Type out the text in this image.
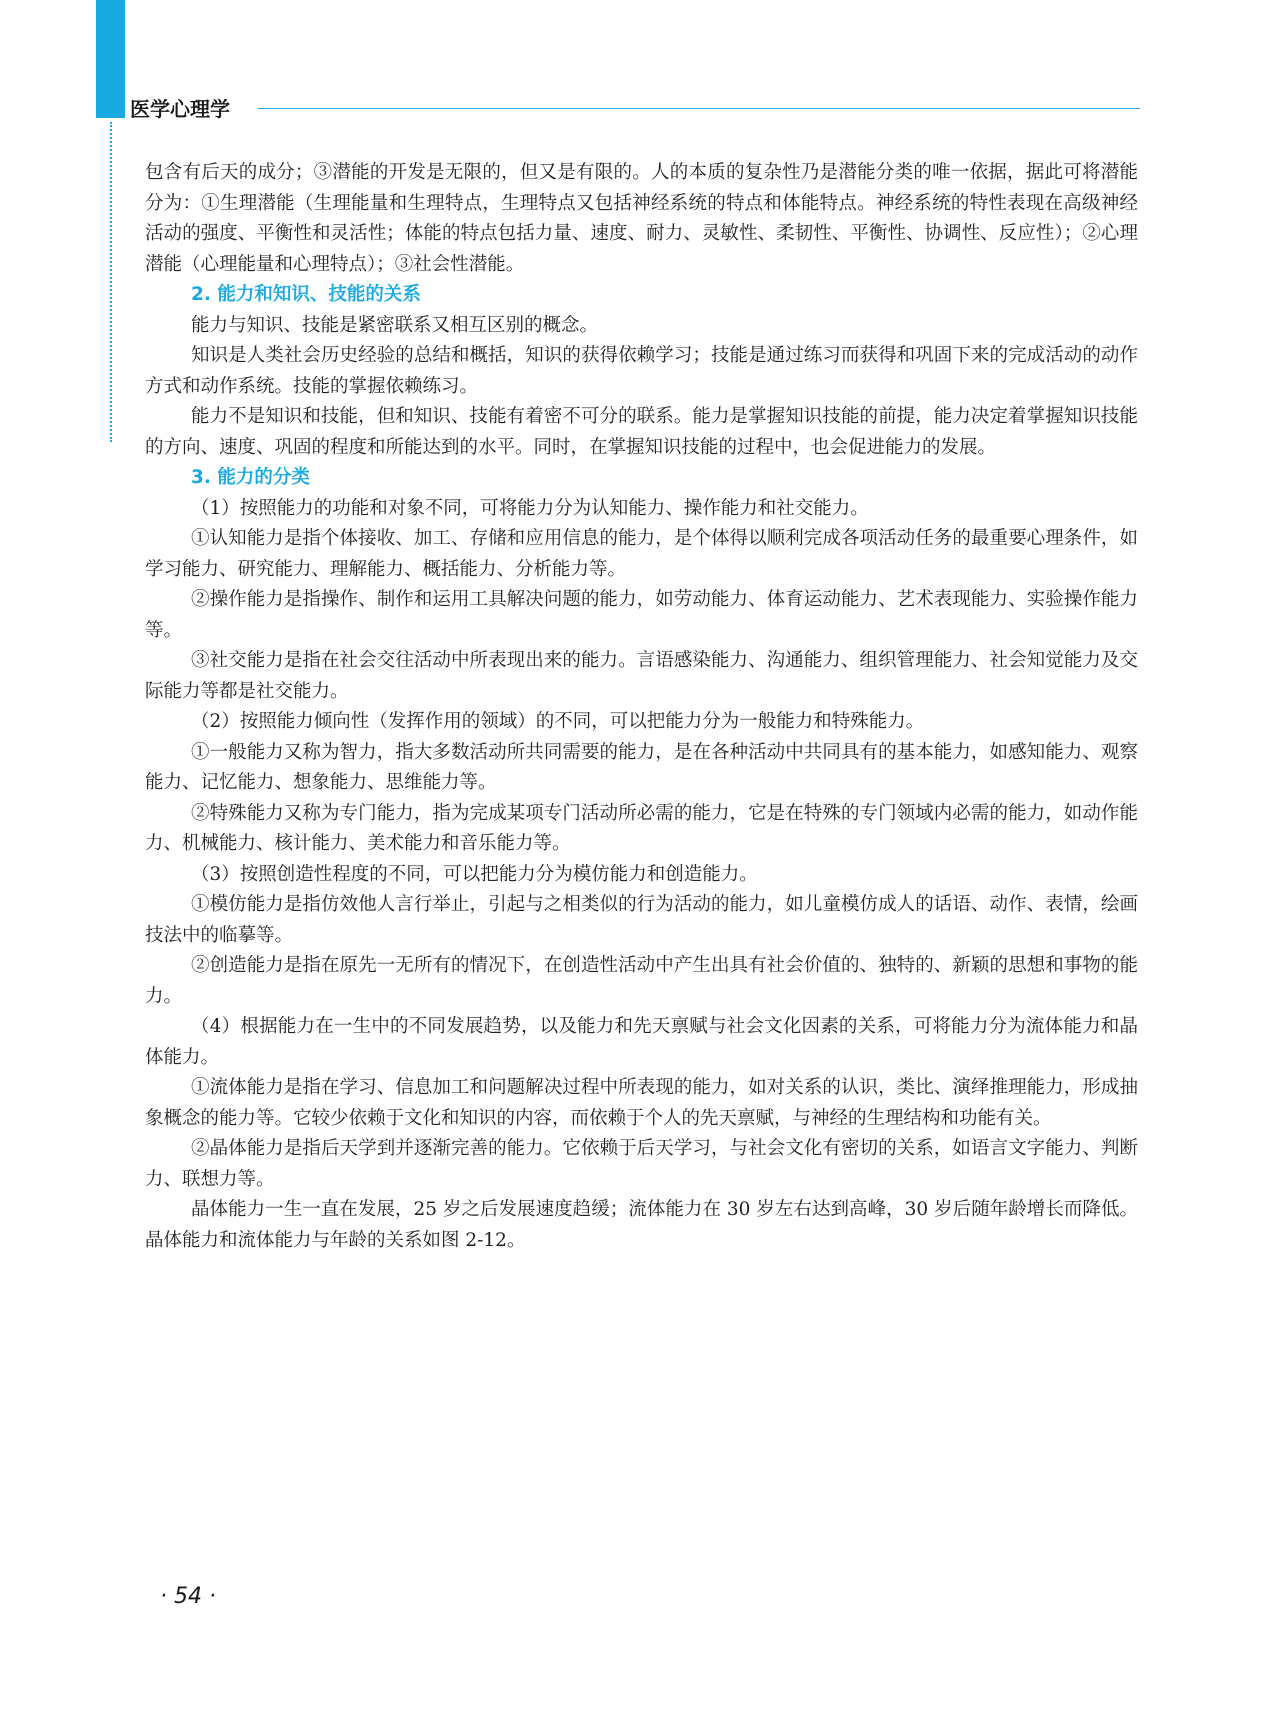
医学心理学

包含有后天的成分；③潜能的开发是无限的，但又是有限的。人的本质的复杂性乃是潜能分类的唯一依据，据此可将潜能分为：①生理潜能（生理能量和生理特点，生理特点又包括神经系统的特点和体能特点。神经系统的特性表现在高级神经活动的强度、平衡性和灵活性；体能的特点包括力量、速度、耐力、灵敏性、柔韧性、平衡性、协调性、反应性）；②心理潜能（心理能量和心理特点）；③社会性潜能。

2. 能力和知识、技能的关系

能力与知识、技能是紧密联系又相互区别的概念。

知识是人类社会历史经验的总结和概括，知识的获得依赖学习；技能是通过练习而获得和巩固下来的完成活动的动作方式和动作系统。技能的掌握依赖练习。

能力不是知识和技能，但和知识、技能有着密不可分的联系。能力是掌握知识技能的前提，能力决定着掌握知识技能的方向、速度、巩固的程度和所能达到的水平。同时，在掌握知识技能的过程中，也会促进能力的发展。

3. 能力的分类

（1）按照能力的功能和对象不同，可将能力分为认知能力、操作能力和社交能力。

①认知能力是指个体接收、加工、存储和应用信息的能力，是个体得以顺利完成各项活动任务的最重要心理条件，如学习能力、研究能力、理解能力、概括能力、分析能力等。

②操作能力是指操作、制作和运用工具解决问题的能力，如劳动能力、体育运动能力、艺术表现能力、实验操作能力等。

③社交能力是指在社会交往活动中所表现出来的能力。言语感染能力、沟通能力、组织管理能力、社会知觉能力及交际能力等都是社交能力。

（2）按照能力倾向性（发挥作用的领域）的不同，可以把能力分为一般能力和特殊能力。

①一般能力又称为智力，指大多数活动所共同需要的能力，是在各种活动中共同具有的基本能力，如感知能力、观察能力、记忆能力、想象能力、思维能力等。

②特殊能力又称为专门能力，指为完成某项专门活动所必需的能力，它是在特殊的专门领域内必需的能力，如动作能力、机械能力、核计能力、美术能力和音乐能力等。

（3）按照创造性程度的不同，可以把能力分为模仿能力和创造能力。

①模仿能力是指仿效他人言行举止，引起与之相类似的行为活动的能力，如儿童模仿成人的话语、动作、表情，绘画技法中的临摹等。

②创造能力是指在原先一无所有的情况下，在创造性活动中产生出具有社会价值的、独特的、新颖的思想和事物的能力。

（4）根据能力在一生中的不同发展趋势，以及能力和先天禀赋与社会文化因素的关系，可将能力分为流体能力和晶体能力。

①流体能力是指在学习、信息加工和问题解决过程中所表现的能力，如对关系的认识，类比、演绎推理能力，形成抽象概念的能力等。它较少依赖于文化和知识的内容，而依赖于个人的先天禀赋，与神经的生理结构和功能有关。

②晶体能力是指后天学到并逐渐完善的能力。它依赖于后天学习，与社会文化有密切的关系，如语言文字能力、判断力、联想力等。

晶体能力一生一直在发展，25 岁之后发展速度趋缓；流体能力在 30 岁左右达到高峰，30 岁后随年龄增长而降低。晶体能力和流体能力与年龄的关系如图 2-12。

· 54 ·
